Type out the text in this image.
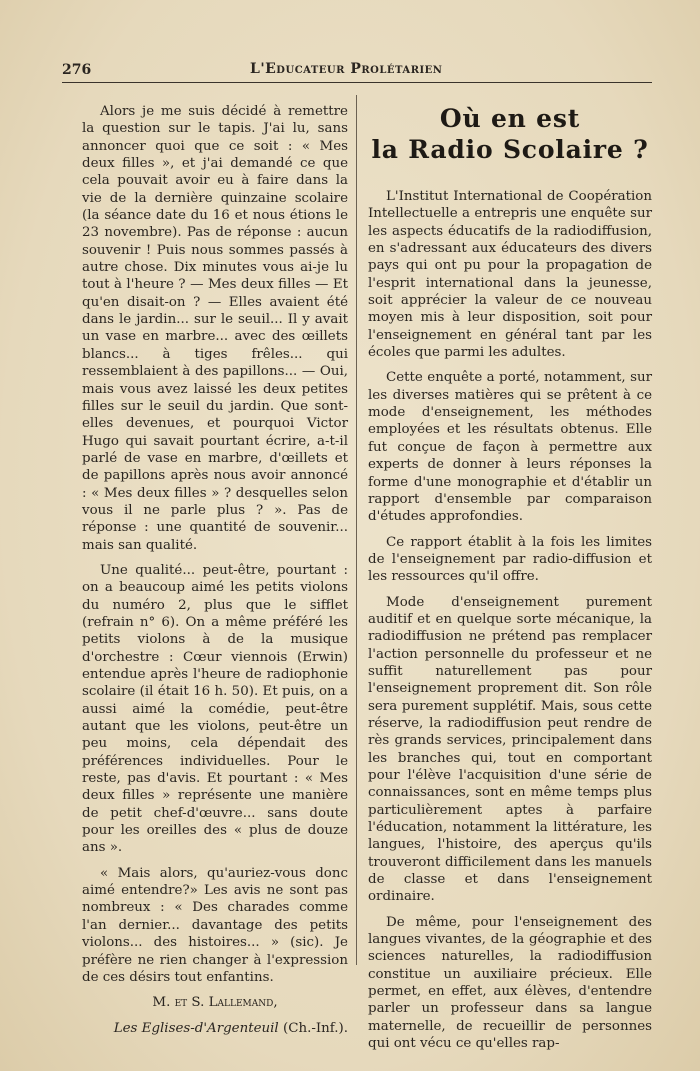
276	L'Educateur Prolétarien

Alors je me suis décidé à remettre la question sur le tapis. J'ai lu, sans annoncer quoi que ce soit : « Mes deux filles », et j'ai demandé ce que cela pouvait avoir eu à faire dans la vie de la dernière quinzaine scolaire (la séance date du 16 et nous étions le 23 novembre). Pas de réponse : aucun souvenir ! Puis nous sommes passés à autre chose. Dix minutes vous ai-je lu tout à l'heure ? — Mes deux filles — Et qu'en disait-on ? — Elles avaient été dans le jardin... sur le seuil... Il y avait un vase en marbre... avec des œillets blancs... à tiges frêles... qui ressemblaient à des papillons... — Oui, mais vous avez laissé les deux petites filles sur le seuil du jardin. Que sont-elles devenues, et pourquoi Victor Hugo qui savait pourtant écrire, a-t-il parlé de vase en marbre, d'œillets et de papillons après nous avoir annoncé : « Mes deux filles » ? desquelles selon vous il ne parle plus ? ». Pas de réponse : une quantité de souvenir... mais san qualité.

Une qualité... peut-être, pourtant : on a beaucoup aimé les petits violons du numéro 2, plus que le sifflet (refrain n° 6). On a même préféré les petits violons à de la musique d'orchestre : Cœur viennois (Erwin) entendue après l'heure de radiophonie scolaire (il était 16 h. 50). Et puis, on a aussi aimé la comédie, peut-être autant que les violons, peut-être un peu moins, cela dépendait des préférences individuelles. Pour le reste, pas d'avis. Et pourtant : « Mes deux filles » représente une manière de petit chef-d'œuvre... sans doute pour les oreilles des « plus de douze ans ».

« Mais alors, qu'auriez-vous donc aimé entendre?» Les avis ne sont pas nombreux : « Des charades comme l'an dernier... davantage des petits violons... des histoires... » (sic). Je préfère ne rien changer à l'expression de ces désirs tout enfantins.

M. et S. Lallemand,

Les Eglises-d'Argenteuil (Ch.-Inf.).

Où en est
la Radio Scolaire ?

L'Institut International de Coopération Intellectuelle a entrepris une enquête sur les aspects éducatifs de la radiodiffusion, en s'adressant aux éducateurs des divers pays qui ont pu pour la propagation de l'esprit international dans la jeunesse, soit apprécier la valeur de ce nouveau moyen mis à leur disposition, soit pour l'enseignement en général tant par les écoles que parmi les adultes.

Cette enquête a porté, notamment, sur les diverses matières qui se prêtent à ce mode d'enseignement, les méthodes employées et les résultats obtenus. Elle fut conçue de façon à permettre aux experts de donner à leurs réponses la forme d'une monographie et d'établir un rapport d'ensemble par comparaison d'études approfondies.

Ce rapport établit à la fois les limites de l'enseignement par radio-diffusion et les ressources qu'il offre.

Mode d'enseignement purement auditif et en quelque sorte mécanique, la radiodiffusion ne prétend pas remplacer l'action personnelle du professeur et ne suffit naturellement pas pour l'enseignement proprement dit. Son rôle sera purement supplétif. Mais, sous cette réserve, la radiodiffusion peut rendre de rès grands services, principalement dans les branches qui, tout en comportant pour l'élève l'acquisition d'une série de connaissances, sont en même temps plus particulièrement aptes à parfaire l'éducation, notamment la littérature, les langues, l'histoire, des aperçus qu'ils trouveront difficilement dans les manuels de classe et dans l'enseignement ordinaire.

De même, pour l'enseignement des langues vivantes, de la géographie et des sciences naturelles, la radiodiffusion constitue un auxiliaire précieux. Elle permet, en effet, aux élèves, d'entendre parler un professeur dans sa langue maternelle, de recueillir de personnes qui ont vécu ce qu'elles rap-
